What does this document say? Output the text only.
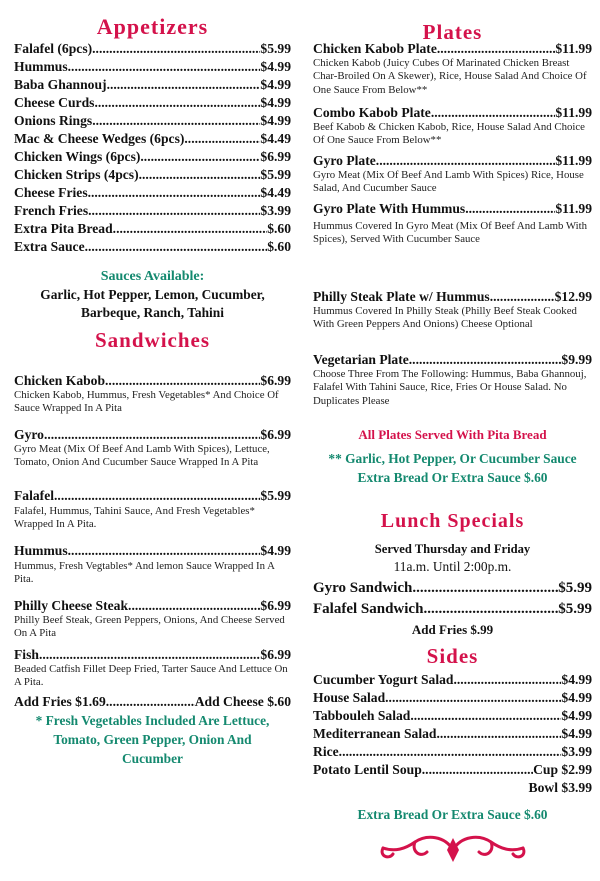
Appetizers
Falafel (6pcs) .....	$5.99
Hummus .....	$4.99
Baba Ghannouj .....	$4.99
Cheese Curds .....	$4.99
Onions Rings .....	$4.99
Mac & Cheese Wedges (6pcs) .....	$4.49
Chicken Wings (6pcs) .....	$6.99
Chicken Strips (4pcs) .....	$5.99
Cheese Fries .....	$4.49
French Fries .....	$3.99
Extra Pita Bread .....	$.60
Extra Sauce .....	$.60
Sauces Available:
Garlic, Hot Pepper, Lemon, Cucumber,
Barbeque, Ranch, Tahini
Sandwiches
Chicken Kabob .....	$6.99
Chicken Kabob, Hummus, Fresh Vegetables* And Choice Of Sauce Wrapped In A Pita
Gyro .....	$6.99
Gyro Meat (Mix Of Beef And Lamb With Spices), Lettuce, Tomato, Onion And Cucumber Sauce Wrapped In A Pita
Falafel .....	$5.99
Falafel, Hummus, Tahini Sauce, And Fresh Vegetables* Wrapped In A Pita.
Hummus .....	$4.99
Hummus, Fresh Vegtables* And lemon Sauce Wrapped In A Pita.
Philly Cheese Steak .....	$6.99
Philly Beef Steak, Green Peppers, Onions, And Cheese Served On A Pita
Fish .....	$6.99
Beaded Catfish Fillet Deep Fried, Tarter Sauce And Lettuce On A Pita.
Add Fries $1.69 .....	Add Cheese $.60
* Fresh Vegetables Included Are Lettuce,
Tomato, Green Pepper, Onion And
Cucumber
Plates
Chicken Kabob Plate .....	$11.99
Chicken Kabob (Juicy Cubes Of Marinated Chicken Breast Char-Broiled On A Skewer), Rice, House Salad And Choice Of One Sauce From Below**
Combo Kabob Plate .....	$11.99
Beef Kabob & Chicken Kabob, Rice, House Salad And Choice Of One Sauce From Below**
Gyro Plate .....	$11.99
Gyro Meat (Mix Of Beef And Lamb With Spices) Rice, House Salad, And Cucumber Sauce
Gyro Plate With Hummus .....	$11.99
Hummus Covered In Gyro Meat (Mix Of Beef And Lamb With Spices), Served With Cucumber Sauce
Philly Steak Plate w/ Hummus .....	$12.99
Hummus Covered In Philly Steak (Philly Beef Steak Cooked With Green Peppers And Onions) Cheese Optional
Vegetarian Plate .....	$9.99
Choose Three From The Following: Hummus, Baba Ghannouj, Falafel With Tahini Sauce, Rice, Fries Or House Salad. No Duplicates Please
All Plates Served With Pita Bread
** Garlic, Hot Pepper, Or Cucumber Sauce
Extra Bread Or Extra Sauce $.60
Lunch Specials
Served Thursday and Friday
11a.m. Until 2:00p.m.
Gyro Sandwich .....	$5.99
Falafel Sandwich .....	$5.99
Add Fries $.99
Sides
Cucumber Yogurt Salad .....	$4.99
House Salad .....	$4.99
Tabbouleh Salad .....	$4.99
Mediterranean Salad .....	$4.99
Rice .....	$3.99
Potato Lentil Soup .....	Cup $2.99
Bowl $3.99
Extra Bread Or Extra Sauce $.60
